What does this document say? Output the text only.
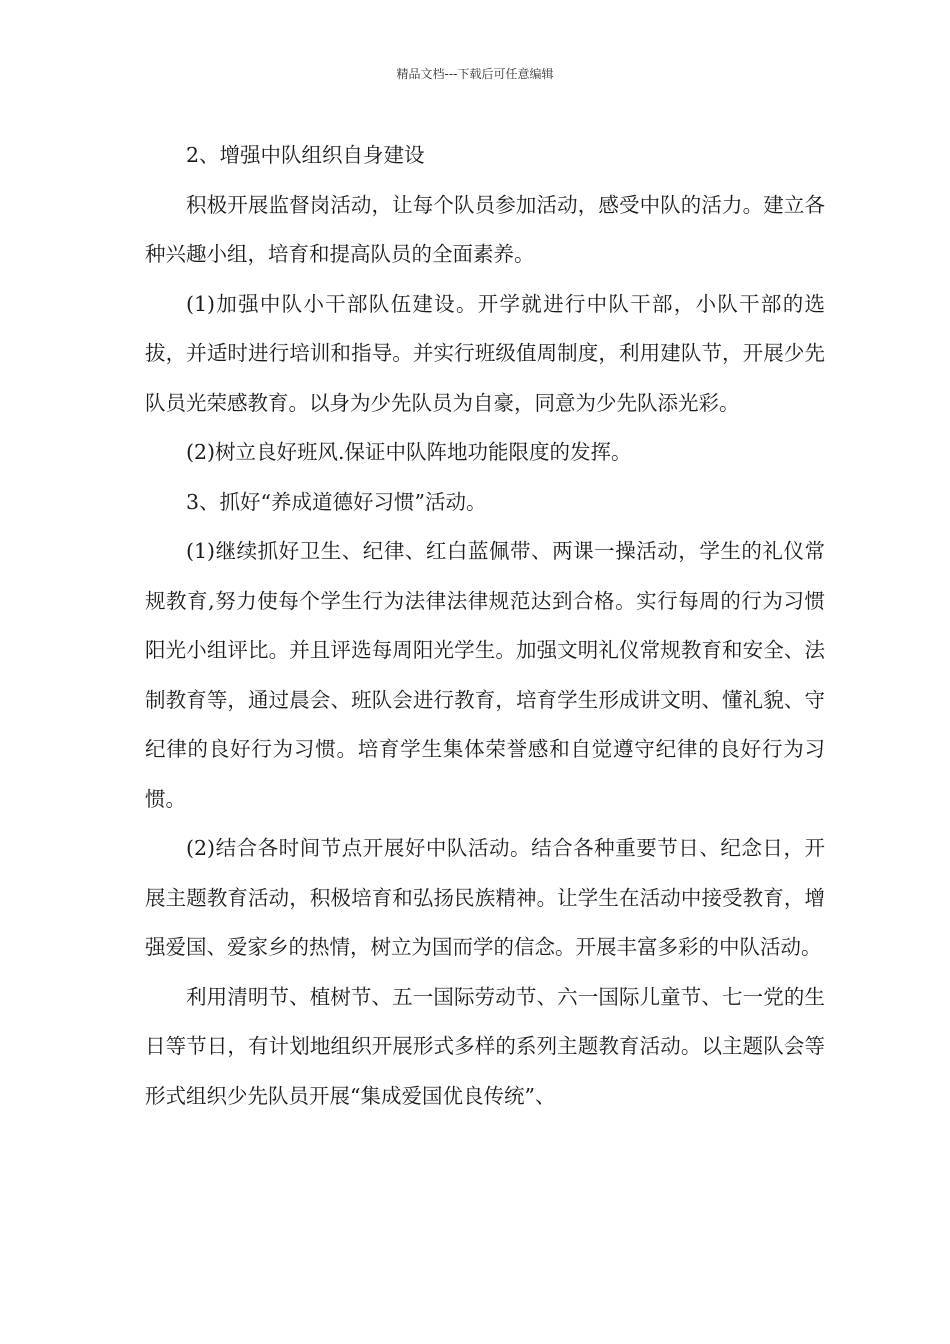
精品文档---下载后可任意编辑

2、增强中队组织自身建设

积极开展监督岗活动，让每个队员参加活动，感受中队的活力。建立各种兴趣小组，培育和提高队员的全面素养。

(1)加强中队小干部队伍建设。开学就进行中队干部，小队干部的选拔，并适时进行培训和指导。并实行班级值周制度，利用建队节，开展少先队员光荣感教育。以身为少先队员为自豪，同意为少先队添光彩。

(2)树立良好班风.保证中队阵地功能限度的发挥。

3、抓好“养成道德好习惯”活动。

(1)继续抓好卫生、纪律、红白蓝佩带、两课一操活动，学生的礼仪常规教育,努力使每个学生行为法律法律规范达到合格。实行每周的行为习惯阳光小组评比。并且评选每周阳光学生。加强文明礼仪常规教育和安全、法制教育等，通过晨会、班队会进行教育，培育学生形成讲文明、懂礼貌、守纪律的良好行为习惯。培育学生集体荣誉感和自觉遵守纪律的良好行为习惯。

(2)结合各时间节点开展好中队活动。结合各种重要节日、纪念日，开展主题教育活动，积极培育和弘扬民族精神。让学生在活动中接受教育，增强爱国、爱家乡的热情，树立为国而学的信念。开展丰富多彩的中队活动。

利用清明节、植树节、五一国际劳动节、六一国际儿童节、七一党的生日等节日，有计划地组织开展形式多样的系列主题教育活动。以主题队会等形式组织少先队员开展“集成爱国优良传统”、
